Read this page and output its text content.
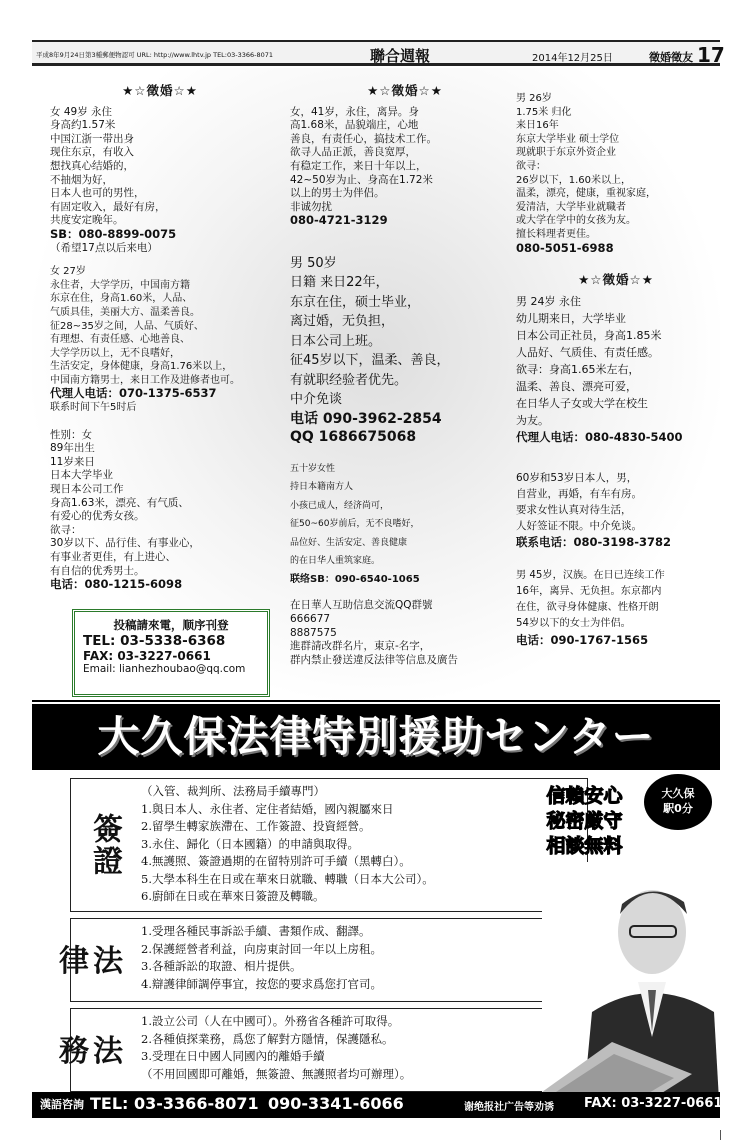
平成8年9月24日第3種郵便物認可 URL: http://www.lhtv.jp TEL:03-3366-8071	聯合週報	2014年12月25日	徵婚徵友 17

★☆徵婚☆★

女 49岁 永住

身高约1.57米

中国江浙一带出身

现住东京，有收入

想找真心结婚的，

不抽烟为好，

日本人也可的男性，

有固定收入，最好有房，

共度安定晚年。

SB：080-8899-0075

（希望17点以后来电）

女 27岁

永住者，大学学历，中国南方籍

东京在住，身高1.60米，人品、

气质具佳，美丽大方、温柔善良。

征28~35岁之间，人品、气质好、

有理想、有责任感、心地善良、

大学学历以上，无不良嗜好，

生活安定，身体健康，身高1.76米以上，

中国南方籍男士，来日工作及进修者也可。

代理人电话：070-1375-6537

联系时间下午5时后

性别：女

89年出生

11岁来日

日本大学毕业

现日本公司工作

身高1.63米，漂亮、有气质、

有爱心的优秀女孩。

欲寻：

30岁以下、品行佳、有事业心，

有事业者更佳，有上进心、

有自信的优秀男士。

电话：080-1215-6098

投稿請來電，顺序刊登

TEL: 03-5338-6368

FAX: 03-3227-0661

Email: lianhezhoubao@qq.com

★☆徵婚☆★

女，41岁，永住，离异。身

高1.68米，品貌端庄，心地

善良，有责任心，搞技术工作。

欲寻人品正派，善良宽厚，

有稳定工作，来日十年以上，

42~50岁为止、身高在1.72米

以上的男士为伴侣。

非诚勿扰

080-4721-3129

男 50岁

日籍 来日22年，

东京在住，硕士毕业，

离过婚，无负担，

日本公司上班。

征45岁以下，温柔、善良，

有就职经验者优先。

中介免谈

电话 090-3962-2854

QQ 1686675068

五十岁女性

持日本籍南方人

小孩已成人，经济尚可，

征50~60岁前后，无不良嗜好，

品位好、生活安定、善良健康

的在日华人重筑家庭。

联络SB：090-6540-1065

在日華人互助信息交流QQ群號

666677

8887575

進群請改群名片，東京-名字，

群内禁止發送違反法律等信息及廣告

男 26岁

1.75米 归化

来日16年

东京大学毕业 硕士学位

现就职于东京外资企业

欲寻：

26岁以下，1.60米以上，

温柔，漂亮，健康，重视家庭，

爱清洁，大学毕业就職者

或大学在学中的女孩为友。

擅长料理者更佳。

080-5051-6988

★☆徵婚☆★

男 24岁 永住

幼儿期来日，大学毕业

日本公司正社员，身高1.85米

人品好、气质佳、有责任感。

欲寻：身高1.65米左右，

温柔、善良、漂亮可爱，

在日华人子女或大学在校生

为友。

代理人电话：080-4830-5400

60岁和53岁日本人，男，

自营业，再婚，有车有房。

要求女性认真对待生活，

人好签证不限。中介免谈。

联系电话：080-3198-3782

男 45岁，汉族。在日已连续工作

16年，离异、无负担。东京都内

在住，欲寻身体健康、性格开朗

54岁以下的女士为伴侣。

电话：090-1767-1565

大久保法律特別援助センター
簽證

（入管、裁判所、法務局手續專門）

1.與日本人、永住者、定住者結婚，國內親屬來日

2.留學生轉家族滯在、工作簽證、投資經營。

3.永住、歸化（日本國籍）的申請與取得。

4.無護照、簽證過期的在留特別許可手續（黑轉白）。

5.大學本科生在日或在華來日就職、轉職（日本大公司）。

6.廚師在日或在華來日簽證及轉職。

法律

1.受理各種民事訴訟手續、書類作成、翻譯。

2.保護經營者利益，向房東討回一年以上房租。

3.各種訴訟的取證、相片提供。

4.辯護律師調停事宜，按您的要求爲您打官司。

法務

1.設立公司（人在中國可）。外務省各種許可取得。

2.各種偵探業務，爲您了解對方隱情，保護隱私。

3.受理在日中國人同國內的離婚手續

（不用回國即可離婚，無簽證、無護照者均可辦理）。

信賴安心

秘密厳守

相談無料

大久保

駅0分

漢語咨詢 TEL: 03-3366-8071 090-3341-6066	谢绝报社广告等劝诱 FAX: 03-3227-0661
